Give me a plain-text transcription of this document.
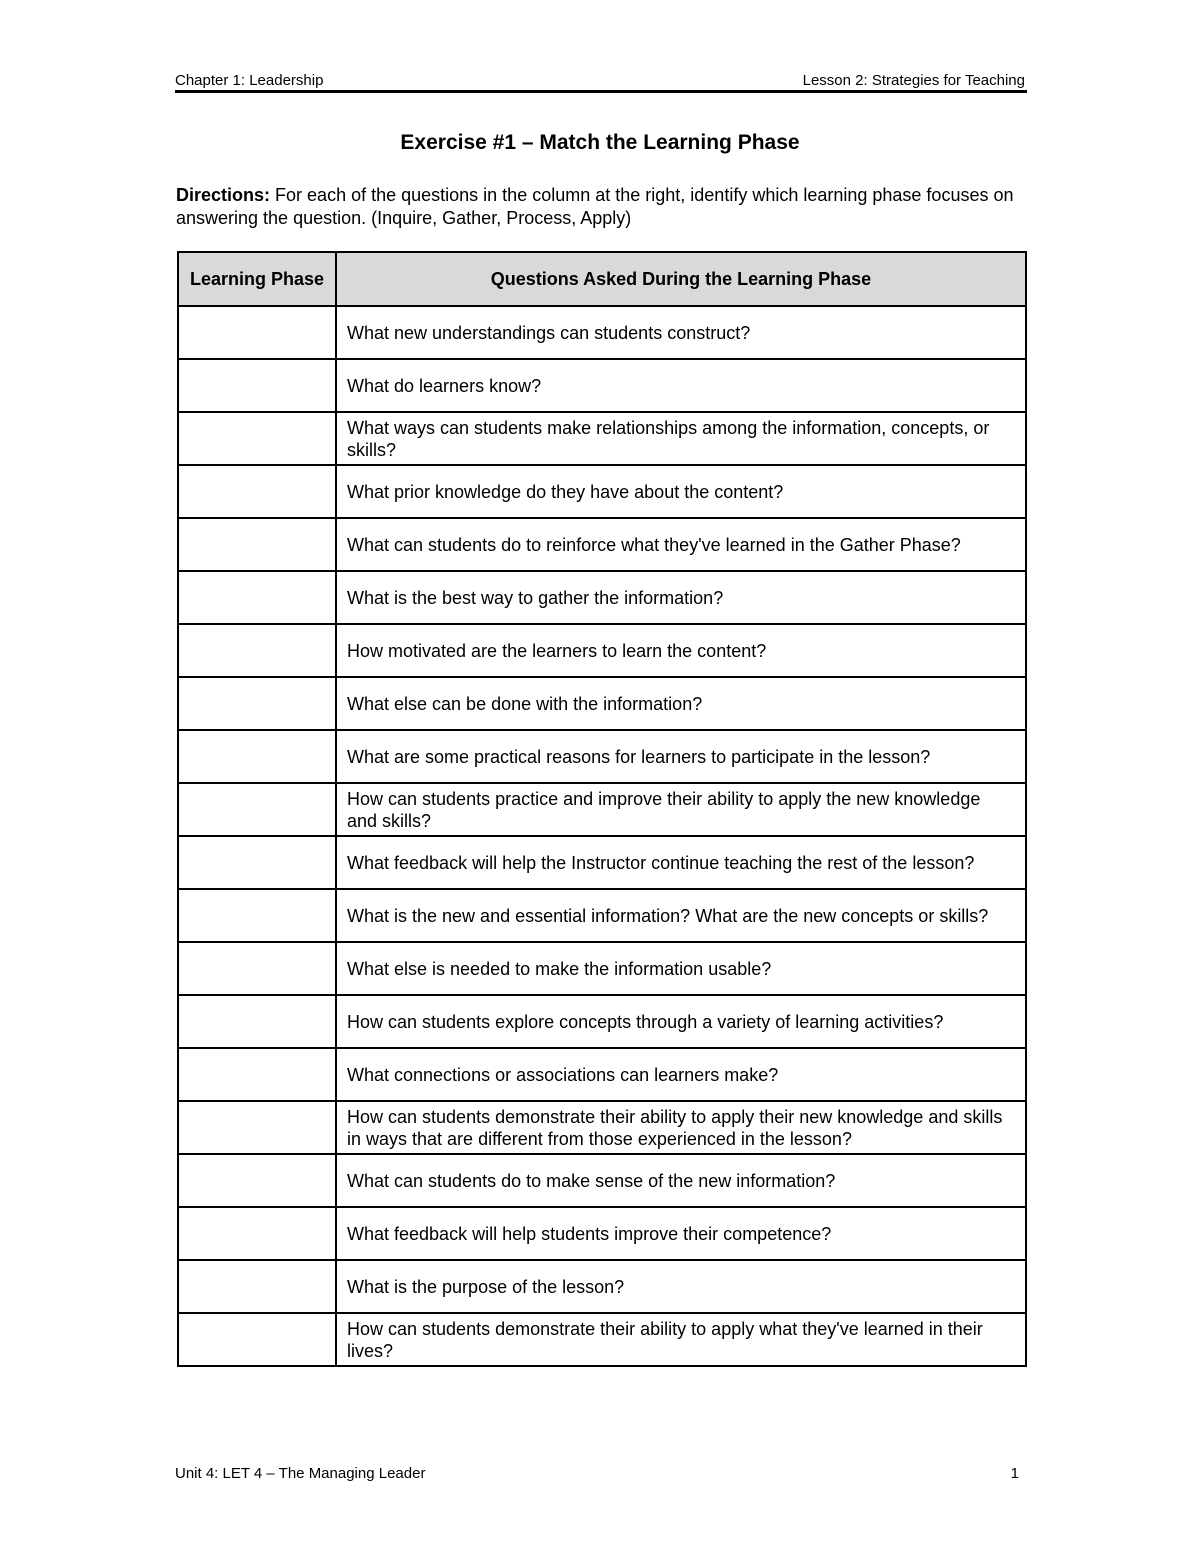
Chapter 1: Leadership	Lesson 2: Strategies for Teaching
Exercise #1 – Match the Learning Phase
Directions: For each of the questions in the column at the right, identify which learning phase focuses on answering the question. (Inquire, Gather, Process, Apply)
Learning Phase	Questions Asked During the Learning Phase
	What new understandings can students construct?
	What do learners know?
	What ways can students make relationships among the information, concepts, or skills?
	What prior knowledge do they have about the content?
	What can students do to reinforce what they've learned in the Gather Phase?
	What is the best way to gather the information?
	How motivated are the learners to learn the content?
	What else can be done with the information?
	What are some practical reasons for learners to participate in the lesson?
	How can students practice and improve their ability to apply the new knowledge and skills?
	What feedback will help the Instructor continue teaching the rest of the lesson?
	What is the new and essential information? What are the new concepts or skills?
	What else is needed to make the information usable?
	How can students explore concepts through a variety of learning activities?
	What connections or associations can learners make?
	How can students demonstrate their ability to apply their new knowledge and skills in ways that are different from those experienced in the lesson?
	What can students do to make sense of the new information?
	What feedback will help students improve their competence?
	What is the purpose of the lesson?
	How can students demonstrate their ability to apply what they've learned in their lives?
Unit 4: LET 4 – The Managing Leader	1
